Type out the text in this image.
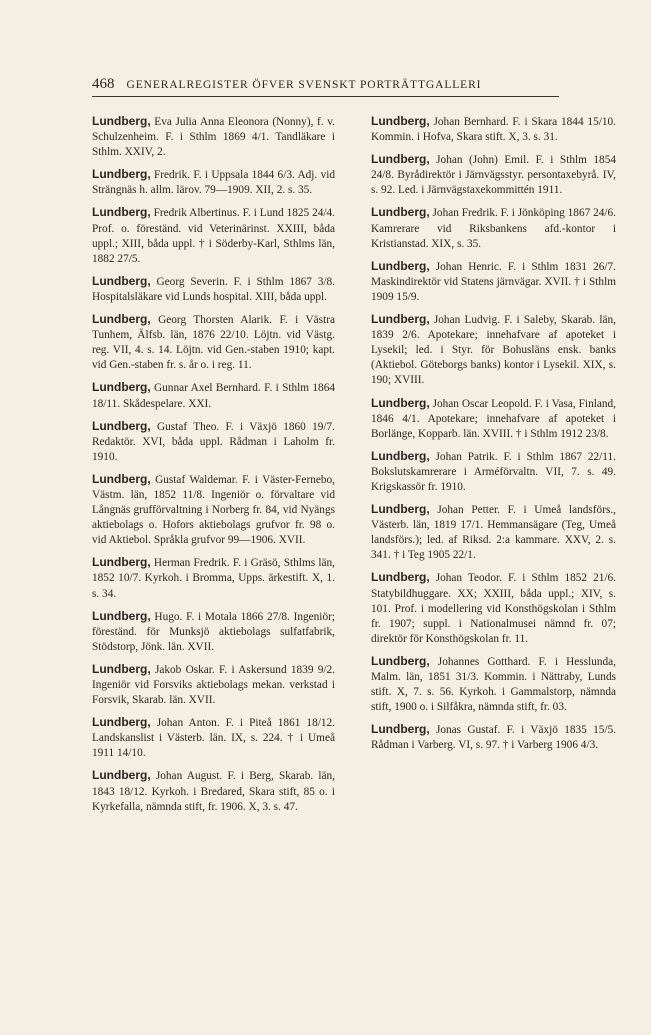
468 GENERALREGISTER ÖFVER SVENSKT PORTRÄTTGALLERI

Lundberg, Eva Julia Anna Eleonora (Nonny), f. v. Schulzenheim. F. i Sthlm 1869 4/1. Tandläkare i Sthlm. XXIV, 2.

Lundberg, Fredrik. F. i Uppsala 1844 6/3. Adj. vid Strängnäs h. allm. lärov. 79—1909. XII, 2. s. 35.

Lundberg, Fredrik Albertinus. F. i Lund 1825 24/4. Prof. o. föreständ. vid Veterinärinst. XXIII, båda uppl.; XIII, båda uppl. † i Söderby-Karl, Sthlms län, 1882 27/5.

Lundberg, Georg Severin. F. i Sthlm 1867 3/8. Hospitalsläkare vid Lunds hospital. XIII, båda uppl.

Lundberg, Georg Thorsten Alarik. F. i Västra Tunhem, Älfsb. län, 1876 22/10. Löjtn. vid Västg. reg. VII, 4. s. 14. Löjtn. vid Gen.-staben 1910; kapt. vid Gen.-staben fr. s. år o. i reg. 11.

Lundberg, Gunnar Axel Bernhard. F. i Sthlm 1864 18/11. Skådespelare. XXI.

Lundberg, Gustaf Theo. F. i Växjö 1860 19/7. Redaktör. XVI, båda uppl. Rådman i Laholm fr. 1910.

Lundberg, Gustaf Waldemar. F. i Väster-Fernebo, Västm. län, 1852 11/8. Ingeniör o. förvaltare vid Långnäs grufförvaltning i Norberg fr. 84, vid Nyängs aktiebolags o. Hofors aktiebolags grufvor fr. 98 o. vid Aktiebol. Språkla grufvor 99—1906. XVII.

Lundberg, Herman Fredrik. F. i Gräsö, Sthlms län, 1852 10/7. Kyrkoh. i Bromma, Upps. ärkestift. X, 1. s. 34.

Lundberg, Hugo. F. i Motala 1866 27/8. Ingeniör; föreständ. för Munksjö aktiebolags sulfatfabrik, Stödstorp, Jönk. län. XVII.

Lundberg, Jakob Oskar. F. i Askersund 1839 9/2. Ingeniör vid Forsviks aktiebolags mekan. verkstad i Forsvik, Skarab. län. XVII.

Lundberg, Johan Anton. F. i Piteå 1861 18/12. Landskanslist i Västerb. län. IX, s. 224. † i Umeå 1911 14/10.

Lundberg, Johan August. F. i Berg, Skarab. län, 1843 18/12. Kyrkoh. i Bredared, Skara stift, 85 o. i Kyrkefalla, nämnda stift, fr. 1906. X, 3. s. 47.

Lundberg, Johan Bernhard. F. i Skara 1844 15/10. Kommin. i Hofva, Skara stift. X, 3. s. 31.

Lundberg, Johan (John) Emil. F. i Sthlm 1854 24/8. Byrådirektör i Järnvägsstyr. persontaxebyrå. IV, s. 92. Led. i Järnvägstaxekommittén 1911.

Lundberg, Johan Fredrik. F. i Jönköping 1867 24/6. Kamrerare vid Riksbankens afd.-kontor i Kristianstad. XIX, s. 35.

Lundberg, Johan Henric. F. i Sthlm 1831 26/7. Maskindirektör vid Statens järnvägar. XVII. † i Sthlm 1909 15/9.

Lundberg, Johan Ludvig. F. i Saleby, Skarab. län, 1839 2/6. Apotekare; innehafvare af apoteket i Lysekil; led. i Styr. för Bohusläns ensk. banks (Aktiebol. Göteborgs banks) kontor i Lysekil. XIX, s. 190; XVIII.

Lundberg, Johan Oscar Leopold. F. i Vasa, Finland, 1846 4/1. Apotekare; innehafvare af apoteket i Borlänge, Kopparb. län. XVIII. † i Sthlm 1912 23/8.

Lundberg, Johan Patrik. F. i Sthlm 1867 22/11. Bokslutskamrerare i Arméförvaltn. VII, 7. s. 49. Krigskassör fr. 1910.

Lundberg, Johan Petter. F. i Umeå landsförs., Västerb. län, 1819 17/1. Hemmansägare (Teg, Umeå landsförs.); led. af Riksd. 2:a kammare. XXV, 2. s. 341. † i Teg 1905 22/1.

Lundberg, Johan Teodor. F. i Sthlm 1852 21/6. Statybildhuggare. XX; XXIII, båda uppl.; XIV, s. 101. Prof. i modellering vid Konsthögskolan i Sthlm fr. 1907; suppl. i Nationalmusei nämnd fr. 07; direktör för Konsthögskolan fr. 11.

Lundberg, Johannes Gotthard. F. i Hesslunda, Malm. län, 1851 31/3. Kommin. i Nättraby, Lunds stift. X, 7. s. 56. Kyrkoh. i Gammalstorp, nämnda stift, 1900 o. i Silfåkra, nämnda stift, fr. 03.

Lundberg, Jonas Gustaf. F. i Växjö 1835 15/5. Rådman i Varberg. VI, s. 97. † i Varberg 1906 4/3.
